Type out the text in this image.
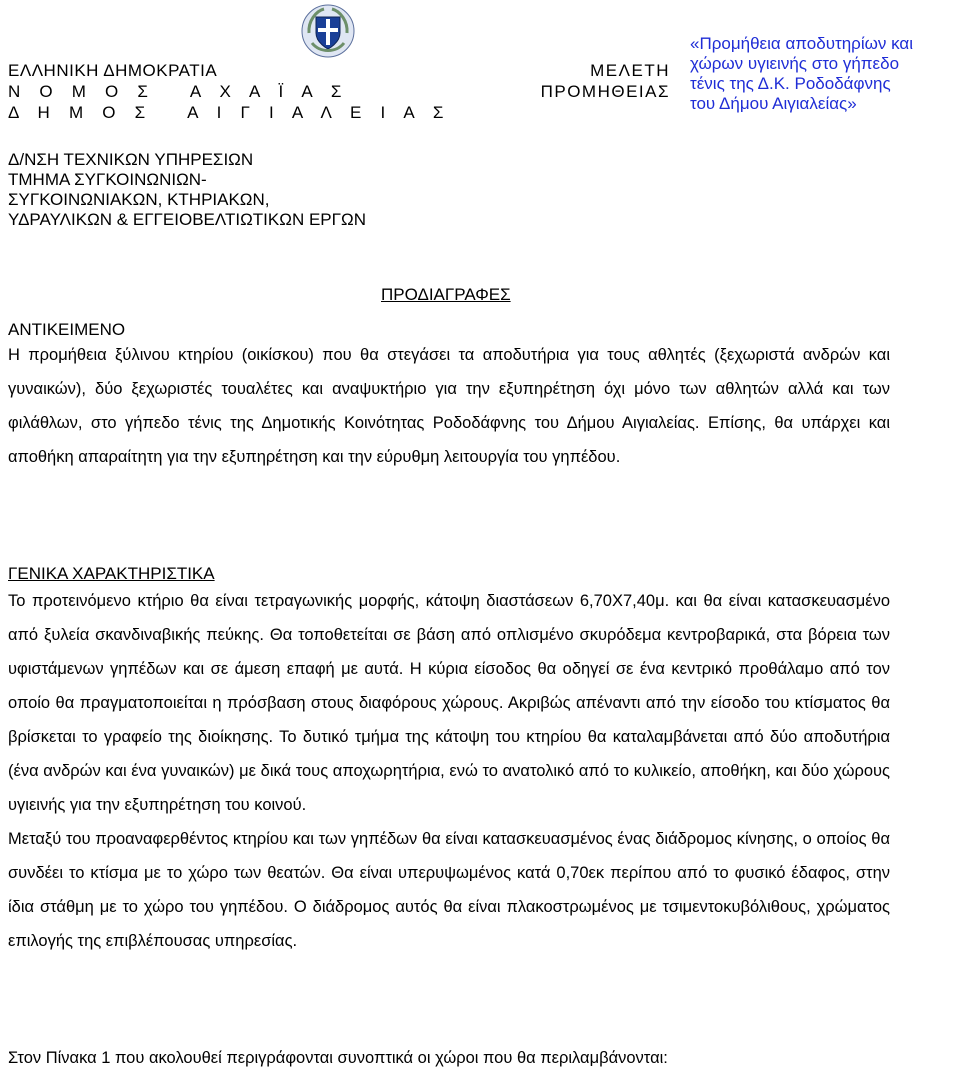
ΕΛΛΗΝΙΚΗ ΔΗΜΟΚΡΑΤΙΑ
Ν Ο Μ Ο Σ   Α Χ Α Ϊ Α Σ
Δ Η Μ Ο Σ   Α Ι Γ Ι Α Λ Ε Ι Α Σ
ΜΕΛΕΤΗ
ΠΡΟΜΗΘΕΙΑΣ
«Προμήθεια αποδυτηρίων και
χώρων υγιεινής στο γήπεδο
τένις της Δ.Κ. Ροδοδάφνης
του Δήμου Αιγιαλείας»
Δ/ΝΣΗ ΤΕΧΝΙΚΩΝ ΥΠΗΡΕΣΙΩΝ
ΤΜΗΜΑ ΣΥΓΚΟΙΝΩΝΙΩΝ-
ΣΥΓΚΟΙΝΩΝΙΑΚΩΝ, ΚΤΗΡΙΑΚΩΝ,
ΥΔΡΑΥΛΙΚΩΝ & ΕΓΓΕΙΟΒΕΛΤΙΩΤΙΚΩΝ ΕΡΓΩΝ
ΠΡΟΔΙΑΓΡΑΦΕΣ
ΑΝΤΙΚΕΙΜΕΝΟ

Η προμήθεια ξύλινου κτηρίου (οικίσκου) που θα στεγάσει τα αποδυτήρια για τους αθλητές (ξεχωριστά ανδρών και γυναικών), δύο ξεχωριστές τουαλέτες και αναψυκτήριο για την εξυπηρέτηση όχι μόνο των αθλητών αλλά και των φιλάθλων, στο γήπεδο τένις της Δημοτικής Κοινότητας Ροδοδάφνης του Δήμου Αιγιαλείας. Επίσης, θα υπάρχει και αποθήκη απαραίτητη για την εξυπηρέτηση και την εύρυθμη λειτουργία του γηπέδου.

ΓΕΝΙΚΑ ΧΑΡΑΚΤΗΡΙΣΤΙΚΑ

Το προτεινόμενο κτήριο θα είναι τετραγωνικής μορφής, κάτοψη διαστάσεων 6,70Χ7,40μ. και θα είναι κατασκευασμένο από ξυλεία σκανδιναβικής πεύκης. Θα τοποθετείται σε βάση από οπλισμένο σκυρόδεμα κεντροβαρικά, στα βόρεια των υφιστάμενων γηπέδων και σε άμεση επαφή με αυτά. Η κύρια είσοδος θα οδηγεί σε ένα κεντρικό προθάλαμο από τον οποίο θα πραγματοποιείται η πρόσβαση στους διαφόρους χώρους. Ακριβώς απέναντι από την είσοδο του κτίσματος θα βρίσκεται το γραφείο της διοίκησης. Το δυτικό τμήμα της κάτοψη του κτηρίου θα καταλαμβάνεται από δύο αποδυτήρια (ένα ανδρών και ένα γυναικών) με δικά τους αποχωρητήρια, ενώ το ανατολικό από το κυλικείο, αποθήκη, και δύο χώρους υγιεινής για την εξυπηρέτηση του κοινού.

Μεταξύ του προαναφερθέντος κτηρίου και των γηπέδων θα είναι κατασκευασμένος ένας διάδρομος κίνησης, ο οποίος θα συνδέει το κτίσμα με το χώρο των θεατών. Θα είναι υπερυψωμένος κατά 0,70εκ περίπου από το φυσικό έδαφος, στην ίδια στάθμη με το χώρο του γηπέδου. Ο διάδρομος αυτός θα είναι πλακοστρωμένος με τσιμεντοκυβόλιθους, χρώματος επιλογής της επιβλέπουσας υπηρεσίας.

Στον Πίνακα 1 που ακολουθεί περιγράφονται συνοπτικά οι χώροι που θα περιλαμβάνονται:
